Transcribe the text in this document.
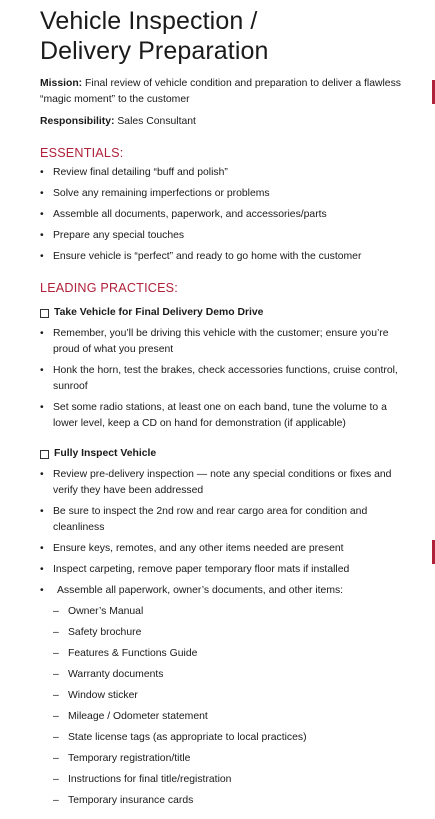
Vehicle Inspection /
Delivery Preparation
Mission: Final review of vehicle condition and preparation to deliver a flawless “magic moment” to the customer
Responsibility: Sales Consultant
ESSENTIALS:
• Review final detailing “buff and polish”
• Solve any remaining imperfections or problems
• Assemble all documents, paperwork, and accessories/parts
• Prepare any special touches
• Ensure vehicle is “perfect” and ready to go home with the customer
LEADING PRACTICES:
Take Vehicle for Final Delivery Demo Drive
• Remember, you’ll be driving this vehicle with the customer; ensure you’re proud of what you present
• Honk the horn, test the brakes, check accessories functions, cruise control, sunroof
• Set some radio stations, at least one on each band, tune the volume to a lower level, keep a CD on hand for demonstration (if applicable)
Fully Inspect Vehicle
• Review pre-delivery inspection — note any special conditions or fixes and verify they have been addressed
• Be sure to inspect the 2nd row and rear cargo area for condition and cleanliness
• Ensure keys, remotes, and any other items needed are present
• Inspect carpeting, remove paper temporary floor mats if installed
• Assemble all paperwork, owner’s documents, and other items:
– Owner’s Manual
– Safety brochure
– Features & Functions Guide
– Warranty documents
– Window sticker
– Mileage / Odometer statement
– State license tags (as appropriate to local practices)
– Temporary registration/title
– Instructions for final title/registration
– Temporary insurance cards
